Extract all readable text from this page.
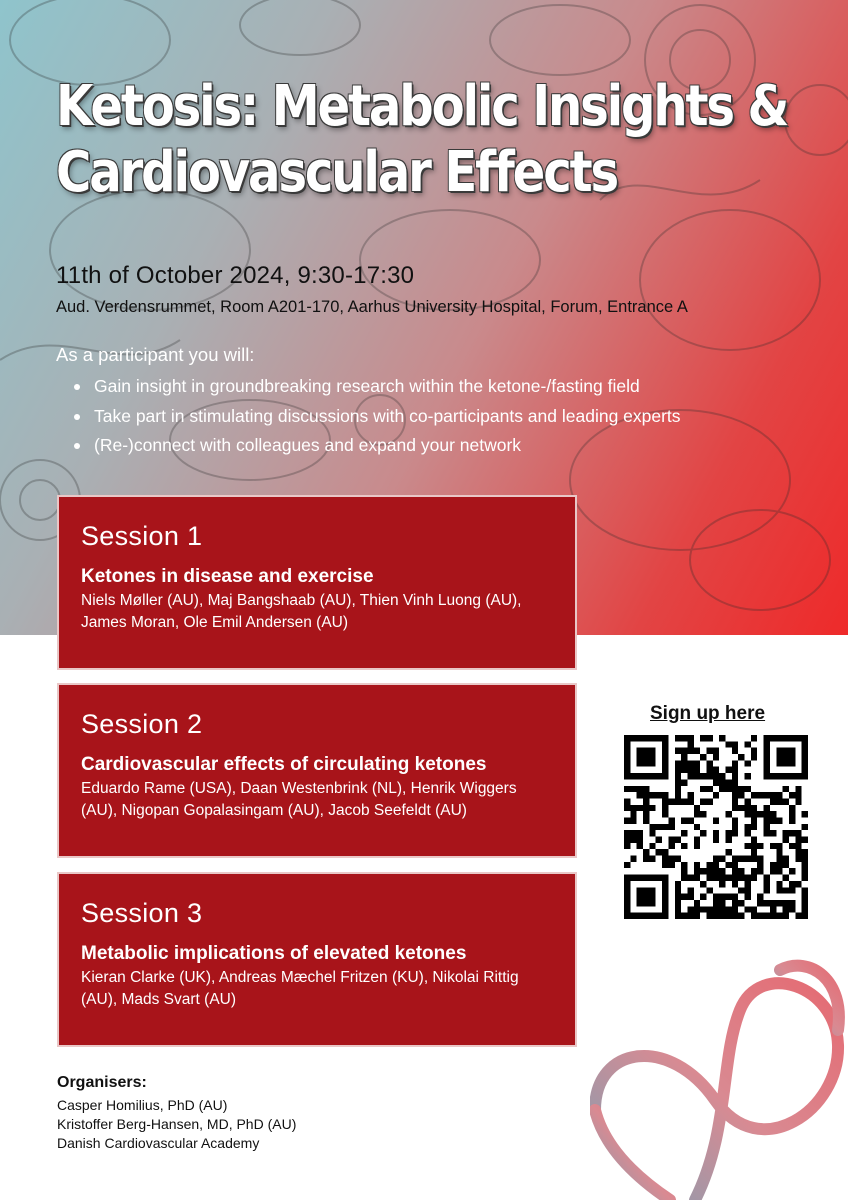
Ketosis: Metabolic Insights &
Cardiovascular Effects
11th of October 2024, 9:30-17:30
Aud. Verdensrummet, Room A201-170, Aarhus University Hospital, Forum, Entrance A
As a participant you will:
Gain insight in groundbreaking research within the ketone-/fasting field
Take part in stimulating discussions with co-participants and leading experts
(Re-)connect with colleagues and expand your network
Session 1
Ketones in disease and exercise
Niels Møller (AU), Maj Bangshaab (AU), Thien Vinh Luong (AU), James Moran, Ole Emil Andersen (AU)
Session 2
Cardiovascular effects of circulating ketones
Eduardo Rame (USA), Daan Westenbrink (NL), Henrik Wiggers (AU), Nigopan Gopalasingam (AU), Jacob Seefeldt (AU)
Session 3
Metabolic implications of elevated ketones
Kieran Clarke (UK), Andreas Mæchel Fritzen (KU), Nikolai Rittig (AU), Mads Svart (AU)
Sign up here
Organisers:
Casper Homilius, PhD (AU)
Kristoffer Berg-Hansen, MD, PhD (AU)
Danish Cardiovascular Academy
